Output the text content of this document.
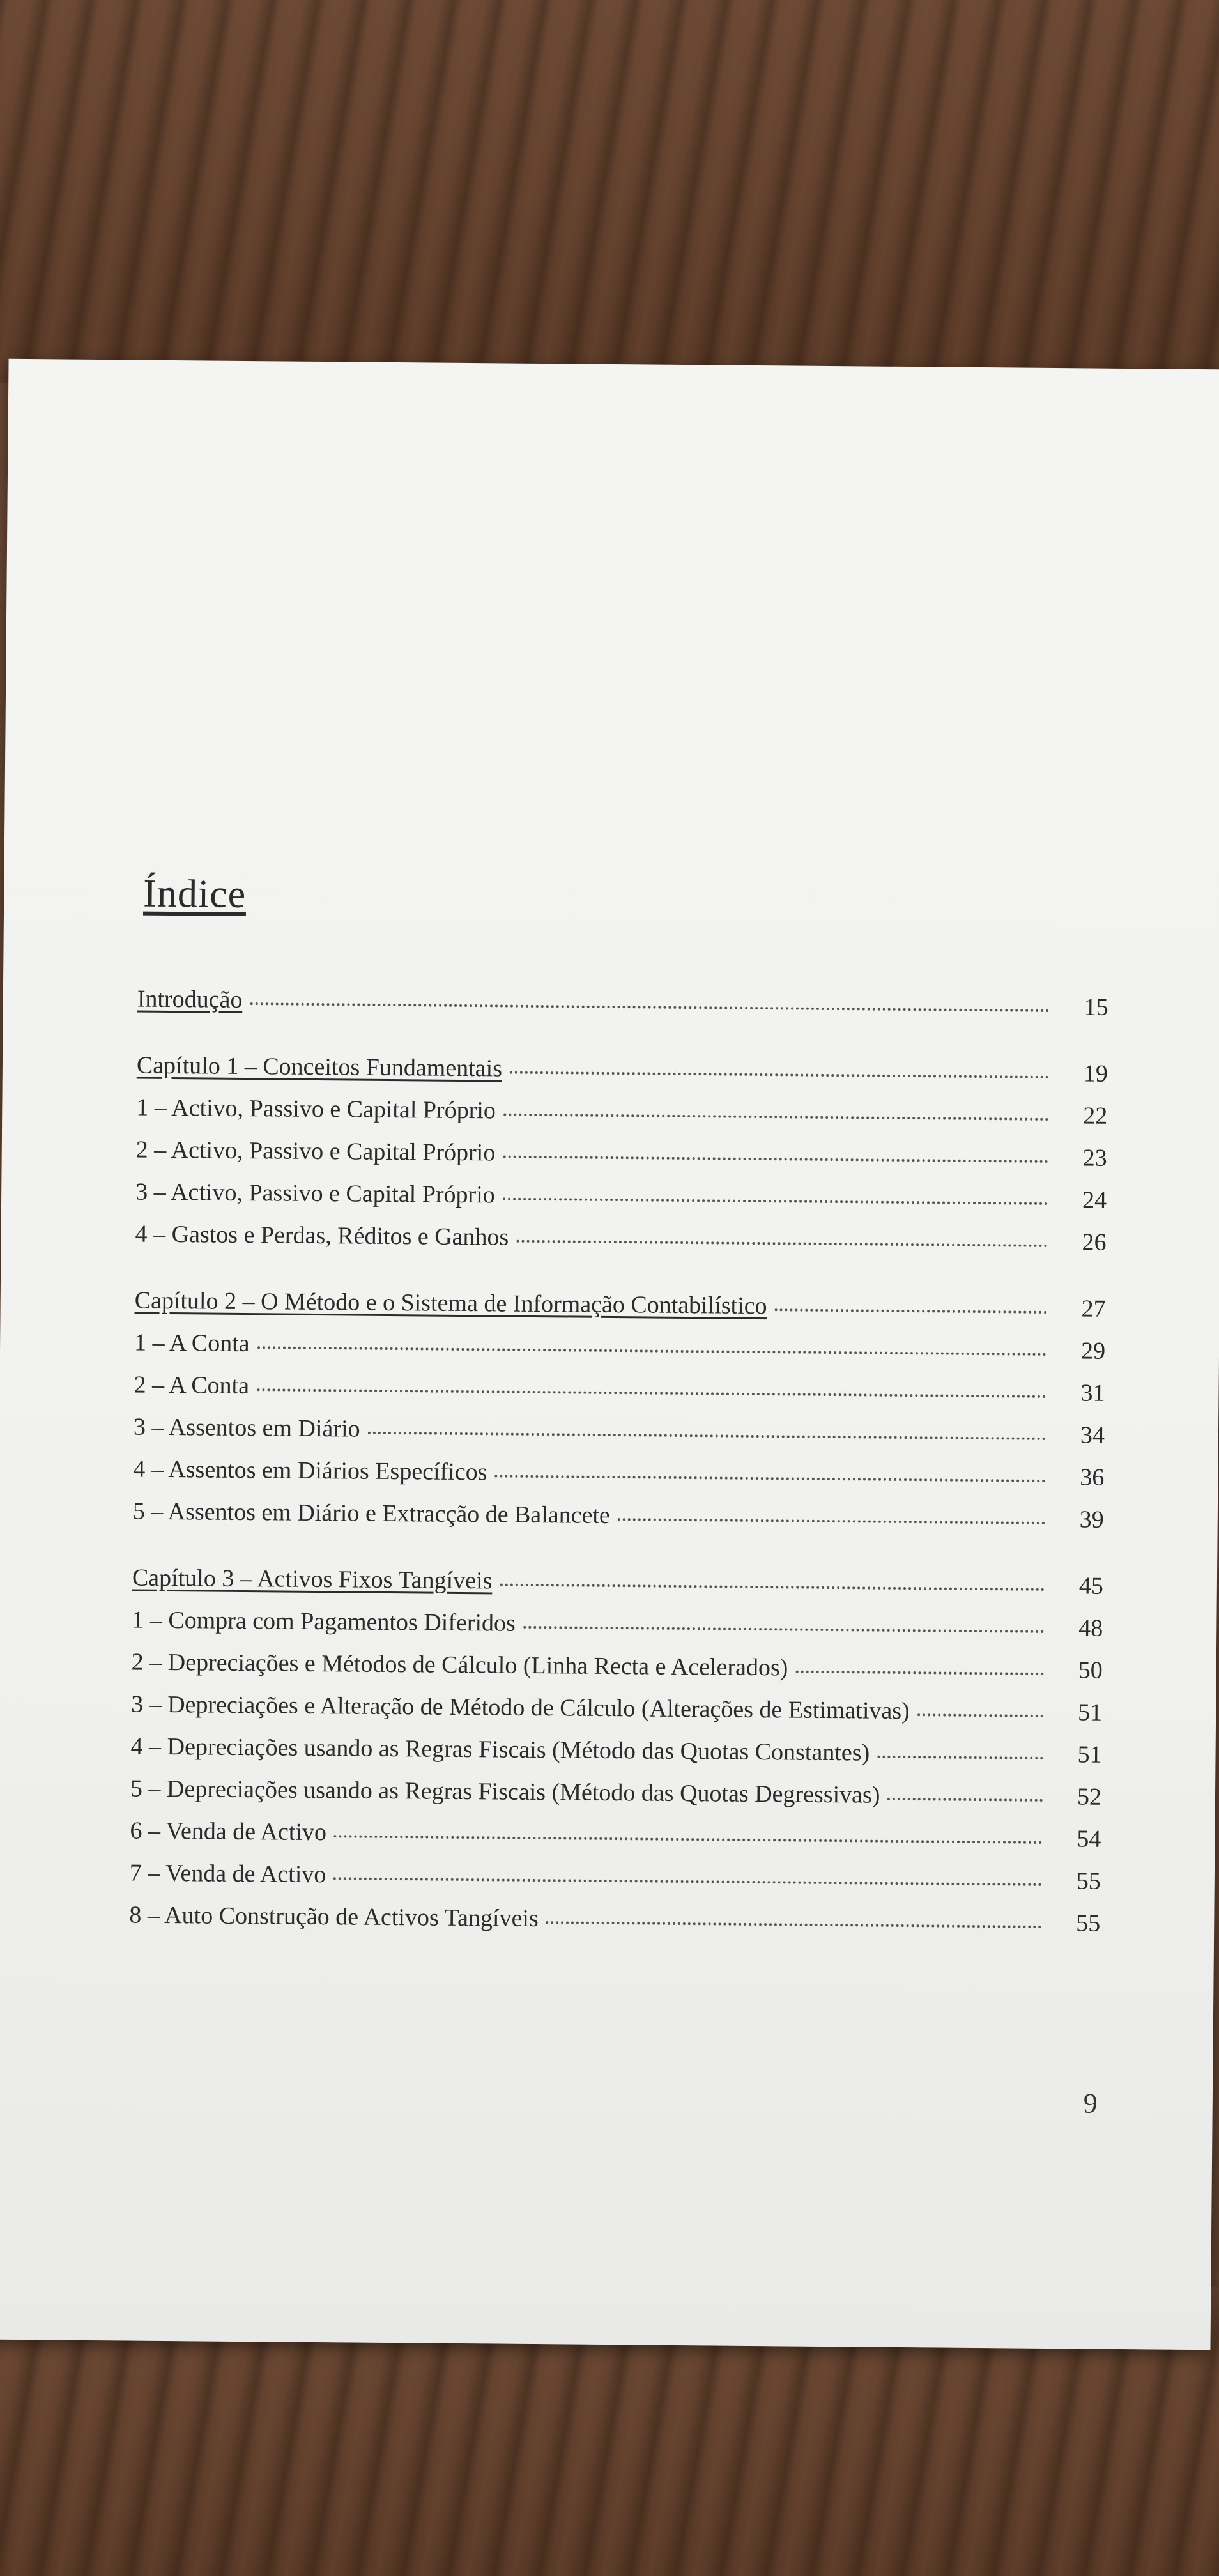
Índice
Introdução	15
Capítulo 1 – Conceitos Fundamentais	19
1 – Activo, Passivo e Capital Próprio	22
2 – Activo, Passivo e Capital Próprio	23
3 – Activo, Passivo e Capital Próprio	24
4 – Gastos e Perdas, Réditos e Ganhos	26
Capítulo 2 – O Método e o Sistema de Informação Contabilístico	27
1 – A Conta	29
2 – A Conta	31
3 – Assentos em Diário	34
4 – Assentos em Diários Específicos	36
5 – Assentos em Diário e Extracção de Balancete	39
Capítulo 3 – Activos Fixos Tangíveis	45
1 – Compra com Pagamentos Diferidos	48
2 – Depreciações e Métodos de Cálculo (Linha Recta e Acelerados)	50
3 – Depreciações e Alteração de Método de Cálculo (Alterações de Estimativas)	51
4 – Depreciações usando as Regras Fiscais (Método das Quotas Constantes)	51
5 – Depreciações usando as Regras Fiscais (Método das Quotas Degressivas)	52
6 – Venda de Activo	54
7 – Venda de Activo	55
8 – Auto Construção de Activos Tangíveis	55
9
